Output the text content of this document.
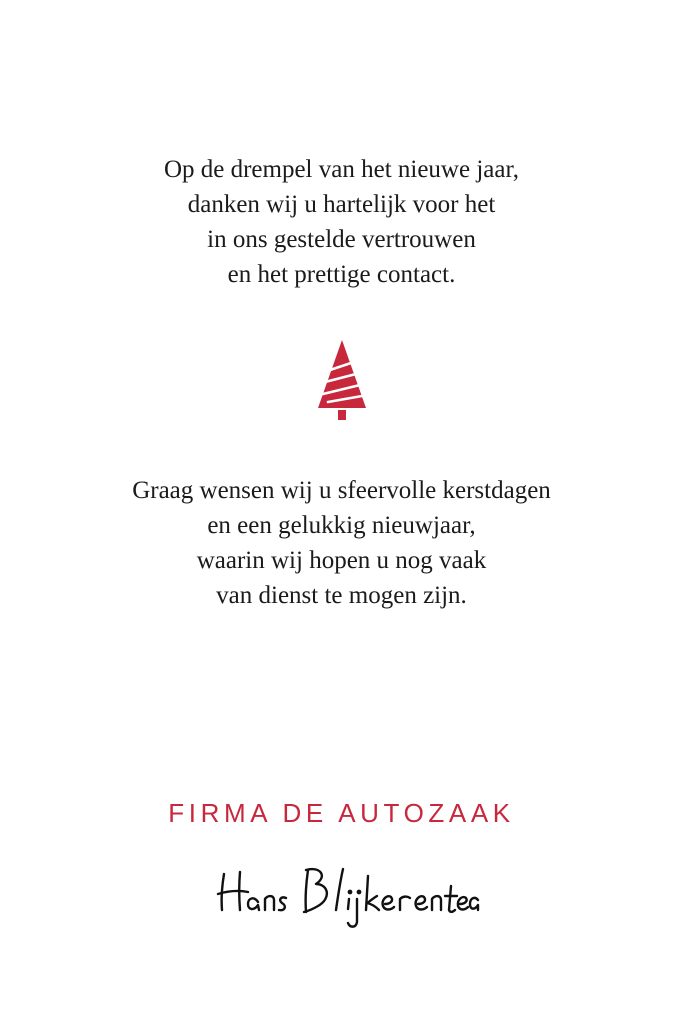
Op de drempel van het nieuwe jaar,
danken wij u hartelijk voor het
in ons gestelde vertrouwen
en het prettige contact.

Graag wensen wij u sfeervolle kerstdagen
en een gelukkig nieuwjaar,
waarin wij hopen u nog vaak
van dienst te mogen zijn.

FIRMA DE AUTOZAAK
